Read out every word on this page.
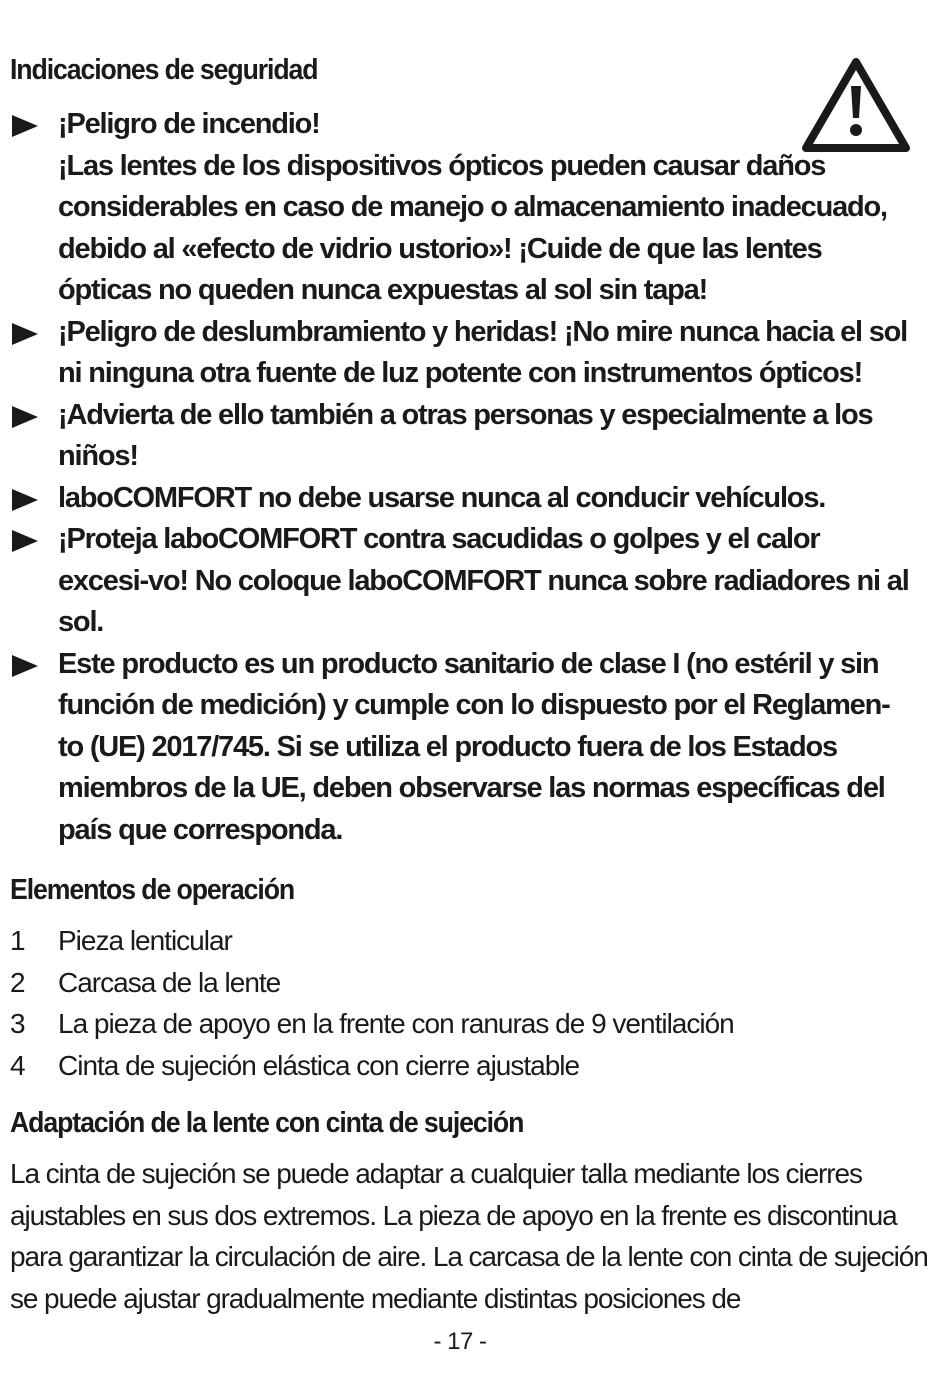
Indicaciones de seguridad
¡Peligro de incendio!
¡Las lentes de los dispositivos ópticos pueden causar daños considerables en caso de manejo o almacenamiento inadecuado, debido al «efecto de vidrio ustorio»! ¡Cuide de que las lentes ópticas no queden nunca expuestas al sol sin tapa!
¡Peligro de deslumbramiento y heridas! ¡No mire nunca hacia el sol ni ninguna otra fuente de luz potente con instrumentos ópticos!
¡Advierta de ello también a otras personas y especialmente a los niños!
laboCOMFORT no debe usarse nunca al conducir vehículos.
¡Proteja laboCOMFORT contra sacudidas o golpes y el calor excesi-vo! No coloque laboCOMFORT nunca sobre radiadores ni al sol.
Este producto es un producto sanitario de clase I (no estéril y sin función de medición) y cumple con lo dispuesto por el Reglamen-to (UE) 2017/745. Si se utiliza el producto fuera de los Estados miembros de la UE, deben observarse las normas específicas del país que corresponda.
Elementos de operación
1	Pieza lenticular
2	Carcasa de la lente
3	La pieza de apoyo en la frente con ranuras de 9 ventilación
4	Cinta de sujeción elástica con cierre ajustable
Adaptación de la lente con cinta de sujeción

La cinta de sujeción se puede adaptar a cualquier talla mediante los cierres ajustables en sus dos extremos. La pieza de apoyo en la frente es discontinua para garantizar la circulación de aire. La carcasa de la lente con cinta de sujeción se puede ajustar gradualmente mediante distintas posiciones de

- 17 -
